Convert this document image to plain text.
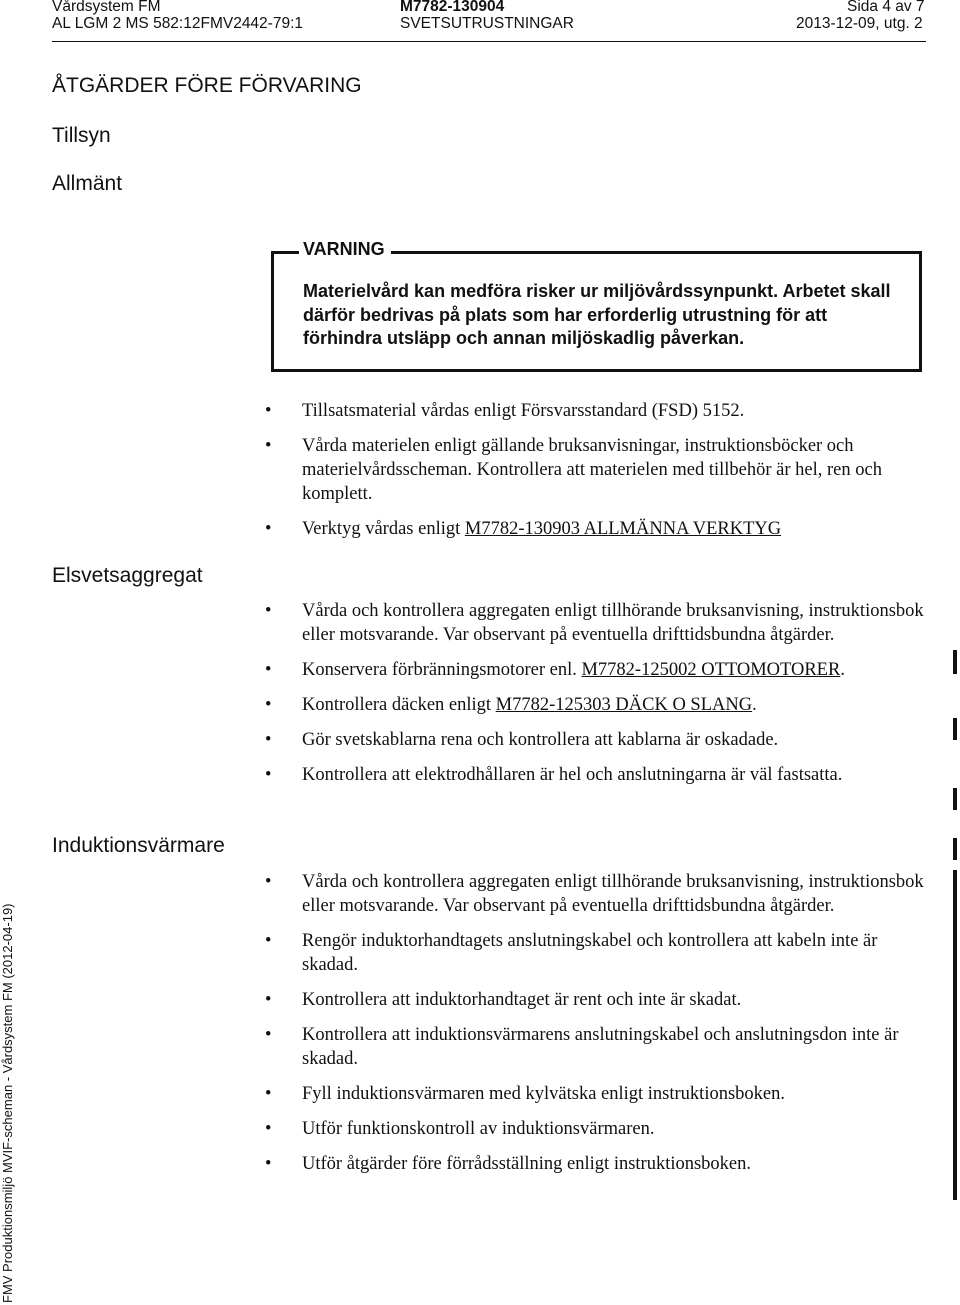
Vårdsystem FM
AL LGM 2 MS 582:12FMV2442-79:1
M7782-130904
SVETSUTRUSTNINGAR
Sida 4 av 7
2013-12-09, utg. 2
ÅTGÄRDER FÖRE FÖRVARING
Tillsyn
Allmänt
VARNING
Materielvård kan medföra risker ur miljövårdssynpunkt. Arbetet skall därför bedrivas på plats som har erforderlig utrustning för att förhindra utsläpp och annan miljöskadlig påverkan.
• Tillsatsmaterial vårdas enligt Försvarsstandard (FSD) 5152.
• Vårda materielen enligt gällande bruksanvisningar, instruktionsböcker och materielvårdsscheman. Kontrollera att materielen med tillbehör är hel, ren och komplett.
• Verktyg vårdas enligt M7782-130903 ALLMÄNNA VERKTYG
Elsvetsaggregat
• Vårda och kontrollera aggregaten enligt tillhörande bruksanvisning, instruktionsbok eller motsvarande. Var observant på eventuella drifttidsbundna åtgärder.
• Konservera förbränningsmotorer enl. M7782-125002 OTTOMOTORER.
• Kontrollera däcken enligt M7782-125303 DÄCK O SLANG.
• Gör svetskablarna rena och kontrollera att kablarna är oskadade.
• Kontrollera att elektrodhållaren är hel och anslutningarna är väl fastsatta.
Induktionsvärmare
• Vårda och kontrollera aggregaten enligt tillhörande bruksanvisning, instruktionsbok eller motsvarande. Var observant på eventuella drifttidsbundna åtgärder.
• Rengör induktorhandtagets anslutningskabel och kontrollera att kabeln inte är skadad.
• Kontrollera att induktorhandtaget är rent och inte är skadat.
• Kontrollera att induktionsvärmarens anslutningskabel och anslutningsdon inte är skadad.
• Fyll induktionsvärmaren med kylvätska enligt instruktionsboken.
• Utför funktionskontroll av induktionsvärmaren.
• Utför åtgärder före förrådsställning enligt instruktionsboken.
FMV Produktionsmiljö MVIF-scheman - Vårdsystem FM (2012-04-19)
